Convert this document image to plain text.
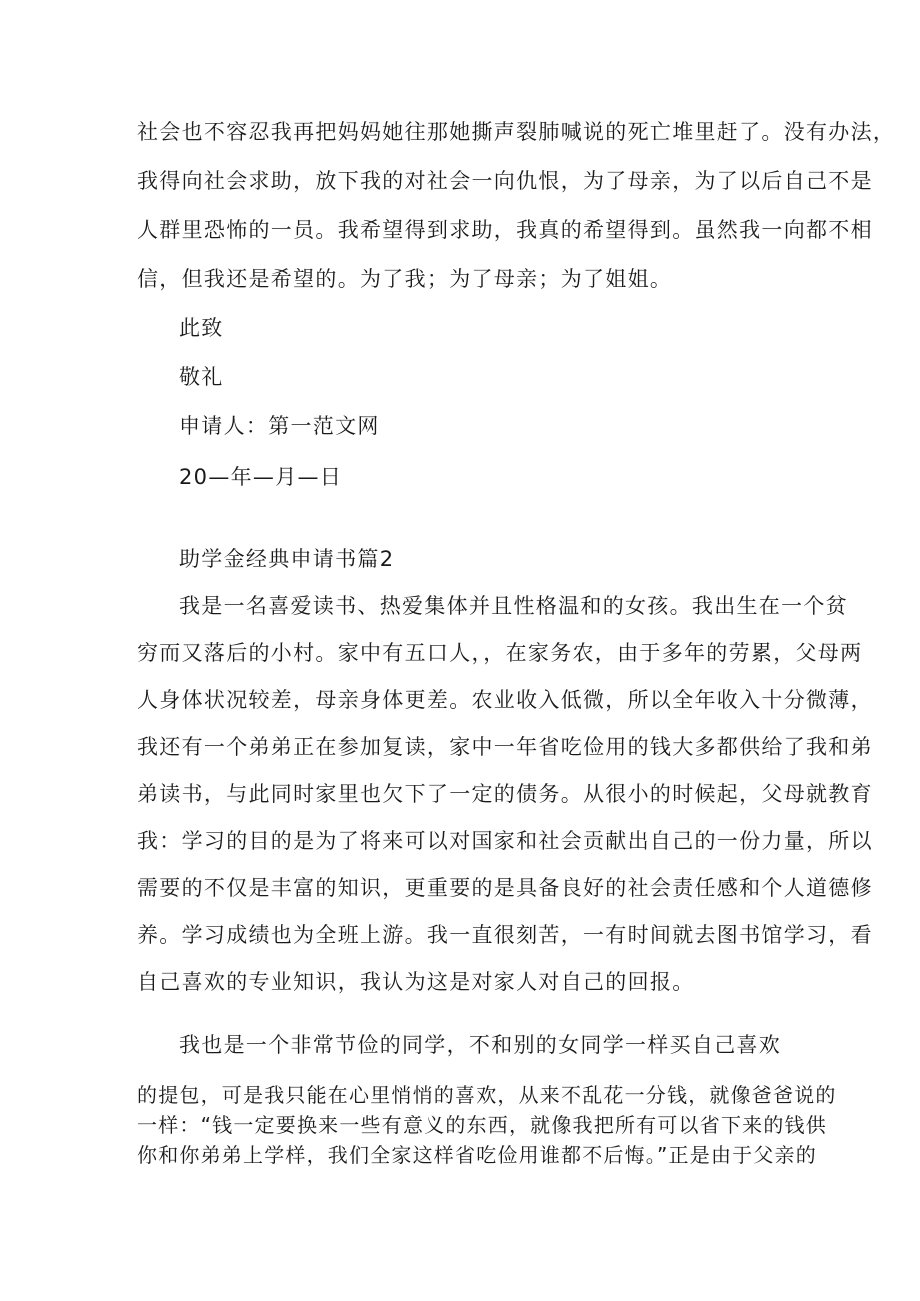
社会也不容忍我再把妈妈她往那她撕声裂肺喊说的死亡堆里赶了。没有办法，
我得向社会求助，放下我的对社会一向仇恨，为了母亲，为了以后自己不是
人群里恐怖的一员。我希望得到求助，我真的希望得到。虽然我一向都不相
信，但我还是希望的。为了我；为了母亲；为了姐姐。
此致
敬礼
申请人：第一范文网
20—年—月—日
助学金经典申请书篇2
我是一名喜爱读书、热爱集体并且性格温和的女孩。我出生在一个贫
穷而又落后的小村。家中有五口人，，在家务农，由于多年的劳累，父母两
人身体状况较差，母亲身体更差。农业收入低微，所以全年收入十分微薄，
我还有一个弟弟正在参加复读，家中一年省吃俭用的钱大多都供给了我和弟
弟读书，与此同时家里也欠下了一定的债务。从很小的时候起，父母就教育
我：学习的目的是为了将来可以对国家和社会贡献出自己的一份力量，所以
需要的不仅是丰富的知识，更重要的是具备良好的社会责任感和个人道德修
养。学习成绩也为全班上游。我一直很刻苦，一有时间就去图书馆学习，看
自己喜欢的专业知识，我认为这是对家人对自己的回报。
我也是一个非常节俭的同学，不和别的女同学一样买自己喜欢
的提包，可是我只能在心里悄悄的喜欢，从来不乱花一分钱，就像爸爸说的
一样：“钱一定要换来一些有意义的东西，就像我把所有可以省下来的钱供
你和你弟弟上学样，我们全家这样省吃俭用谁都不后悔。”正是由于父亲的
